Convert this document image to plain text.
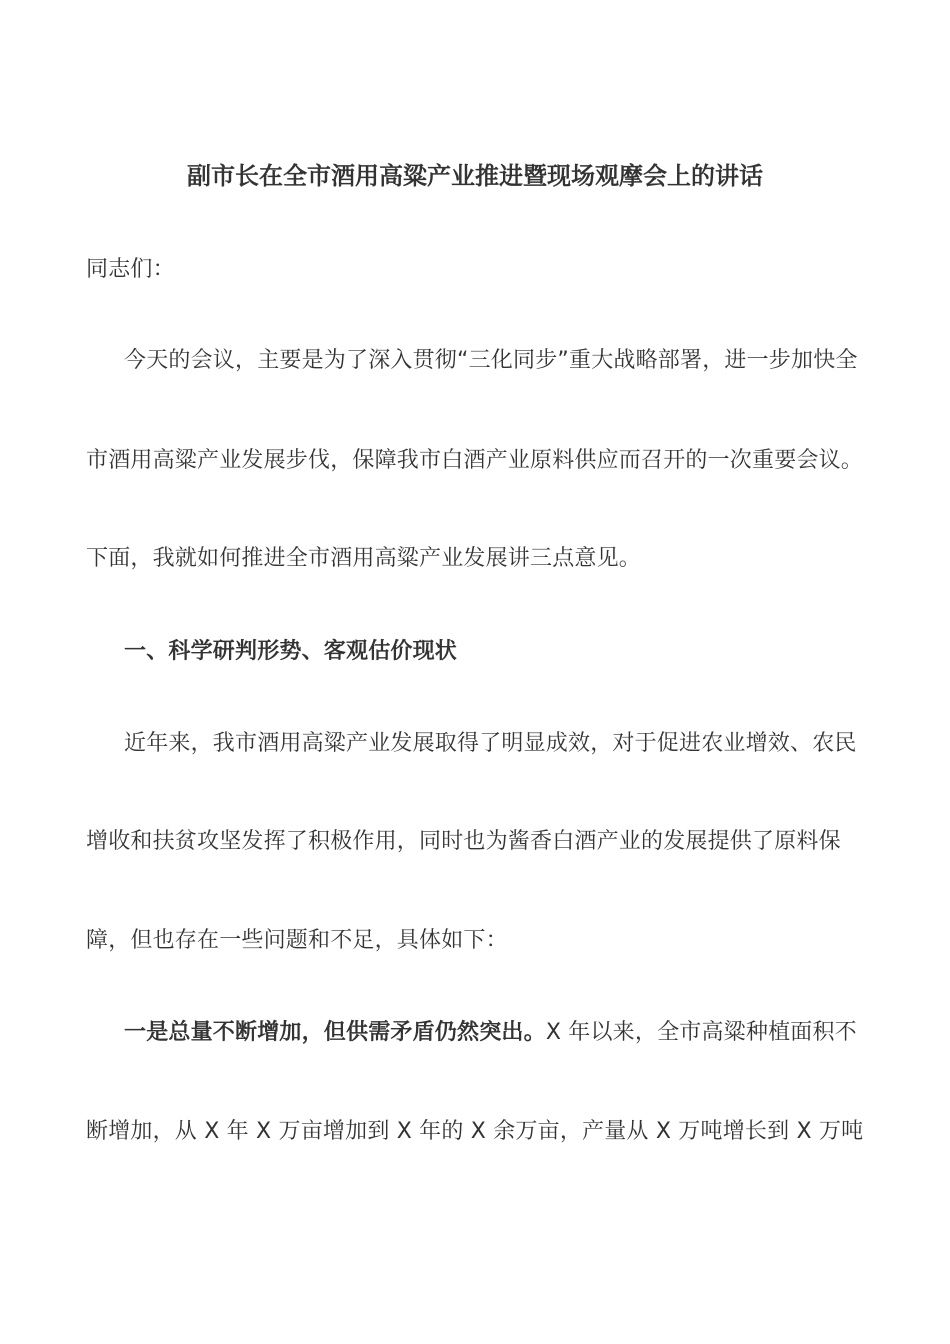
副市长在全市酒用高粱产业推进暨现场观摩会上的讲话
同志们：
今天的会议，主要是为了深入贯彻“三化同步”重大战略部署，进一步加快全
市酒用高粱产业发展步伐，保障我市白酒产业原料供应而召开的一次重要会议。
下面，我就如何推进全市酒用高粱产业发展讲三点意见。
一、科学研判形势、客观估价现状
近年来，我市酒用高粱产业发展取得了明显成效，对于促进农业增效、农民
增收和扶贫攻坚发挥了积极作用，同时也为酱香白酒产业的发展提供了原料保
障，但也存在一些问题和不足，具体如下：
一是总量不断增加，但供需矛盾仍然突出。X 年以来，全市高粱种植面积不
断增加，从 X 年 X 万亩增加到 X 年的 X 余万亩，产量从 X 万吨增长到 X 万吨
